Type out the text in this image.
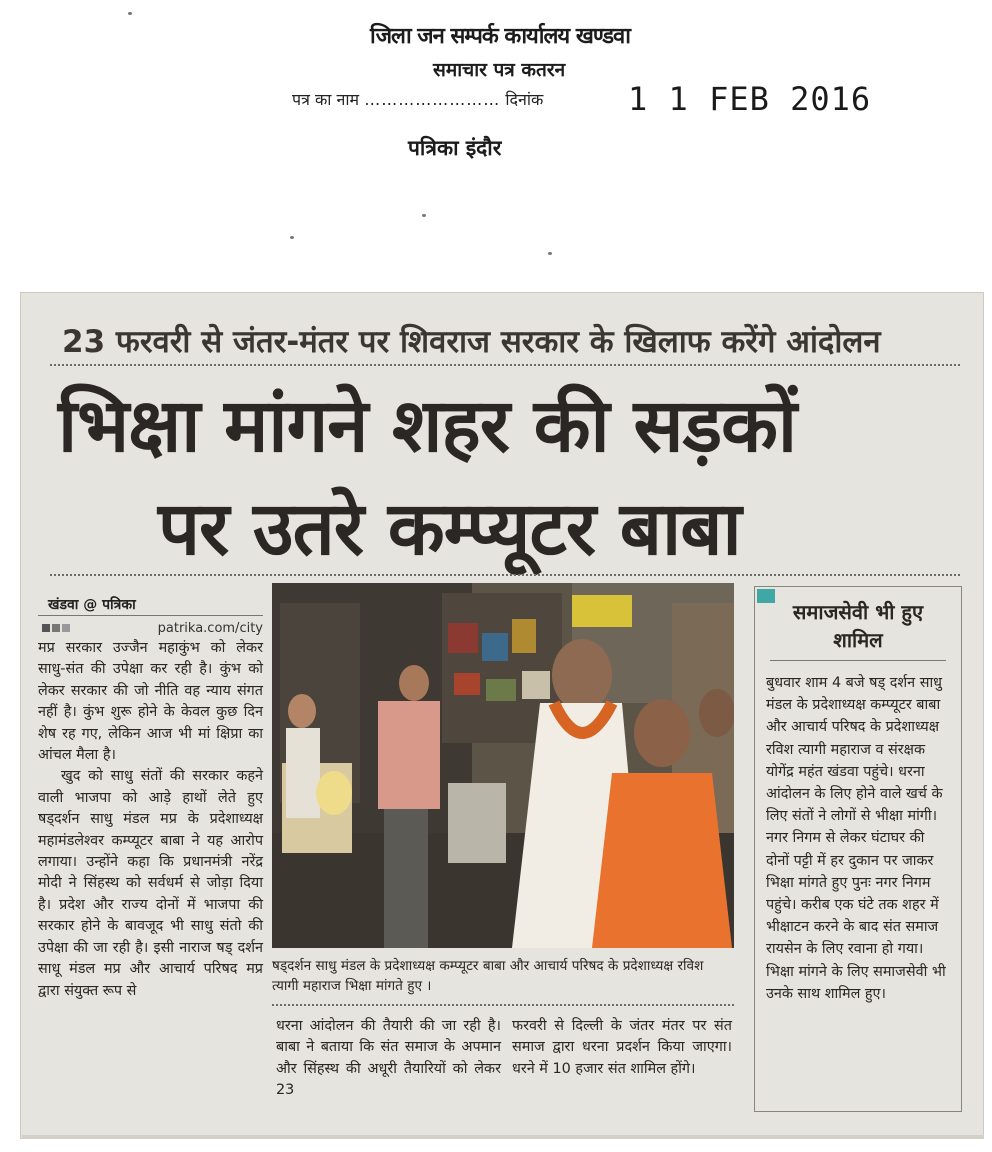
जिला जन सम्पर्क कार्यालय खण्डवा
समाचार पत्र कतरन
पत्र का नाम …………………… दिनांक	1 1 FEB 2016
पत्रिका इंदौर
23 फरवरी से जंतर-मंतर पर शिवराज सरकार के खिलाफ करेंगे आंदोलन
भिक्षा मांगने शहर की सड़कों
पर उतरे कम्प्यूटर बाबा
खंडवा @ पत्रिका
patrika.com/city

मप्र सरकार उज्जैन महाकुंभ को लेकर साधु-संत की उपेक्षा कर रही है। कुंभ को लेकर सरकार की जो नीति वह न्याय संगत नहीं है। कुंभ शुरू होने के केवल कुछ दिन शेष रह गए, लेकिन आज भी मां क्षिप्रा का आंचल मैला है।

खुद को साधु संतों की सरकार कहने वाली भाजपा को आड़े हाथों लेते हुए षड्दर्शन साधु मंडल मप्र के प्रदेशाध्यक्ष महामंडलेश्वर कम्प्यूटर बाबा ने यह आरोप लगाया। उन्होंने कहा कि प्रधानमंत्री नरेंद्र मोदी ने सिंहस्थ को सर्वधर्म से जोड़ा दिया है। प्रदेश और राज्य दोनों में भाजपा की सरकार होने के बावजूद भी साधु संतो की उपेक्षा की जा रही है। इसी नाराज षड् दर्शन साधू मंडल मप्र और आचार्य परिषद मप्र द्वारा संयुक्त रूप से

षड्दर्शन साधु मंडल के प्रदेशाध्यक्ष कम्प्यूटर बाबा और आचार्य परिषद के प्रदेशाध्यक्ष रविश त्यागी महाराज भिक्षा मांगते हुए ।

धरना आंदोलन की तैयारी की जा रही है। बाबा ने बताया कि संत समाज के अपमान और सिंहस्थ की अधूरी तैयारियों को लेकर 23

फरवरी से दिल्ली के जंतर मंतर पर संत समाज द्वारा धरना प्रदर्शन किया जाएगा। धरने में 10 हजार संत शामिल होंगे।

समाजसेवी भी हुए शामिल
बुधवार शाम 4 बजे षड् दर्शन साधु मंडल के प्रदेशाध्यक्ष कम्प्यूटर बाबा और आचार्य परिषद के प्रदेशाध्यक्ष रविश त्यागी महाराज व संरक्षक योगेंद्र महंत खंडवा पहुंचे। धरना आंदोलन के लिए होने वाले खर्च के लिए संतों ने लोगों से भीक्षा मांगी। नगर निगम से लेकर घंटाघर की दोनों पट्टी में हर दुकान पर जाकर भिक्षा मांगते हुए पुनः नगर निगम पहुंचे। करीब एक घंटे तक शहर में भीक्षाटन करने के बाद संत समाज रायसेन के लिए रवाना हो गया। भिक्षा मांगने के लिए समाजसेवी भी उनके साथ शामिल हुए।
